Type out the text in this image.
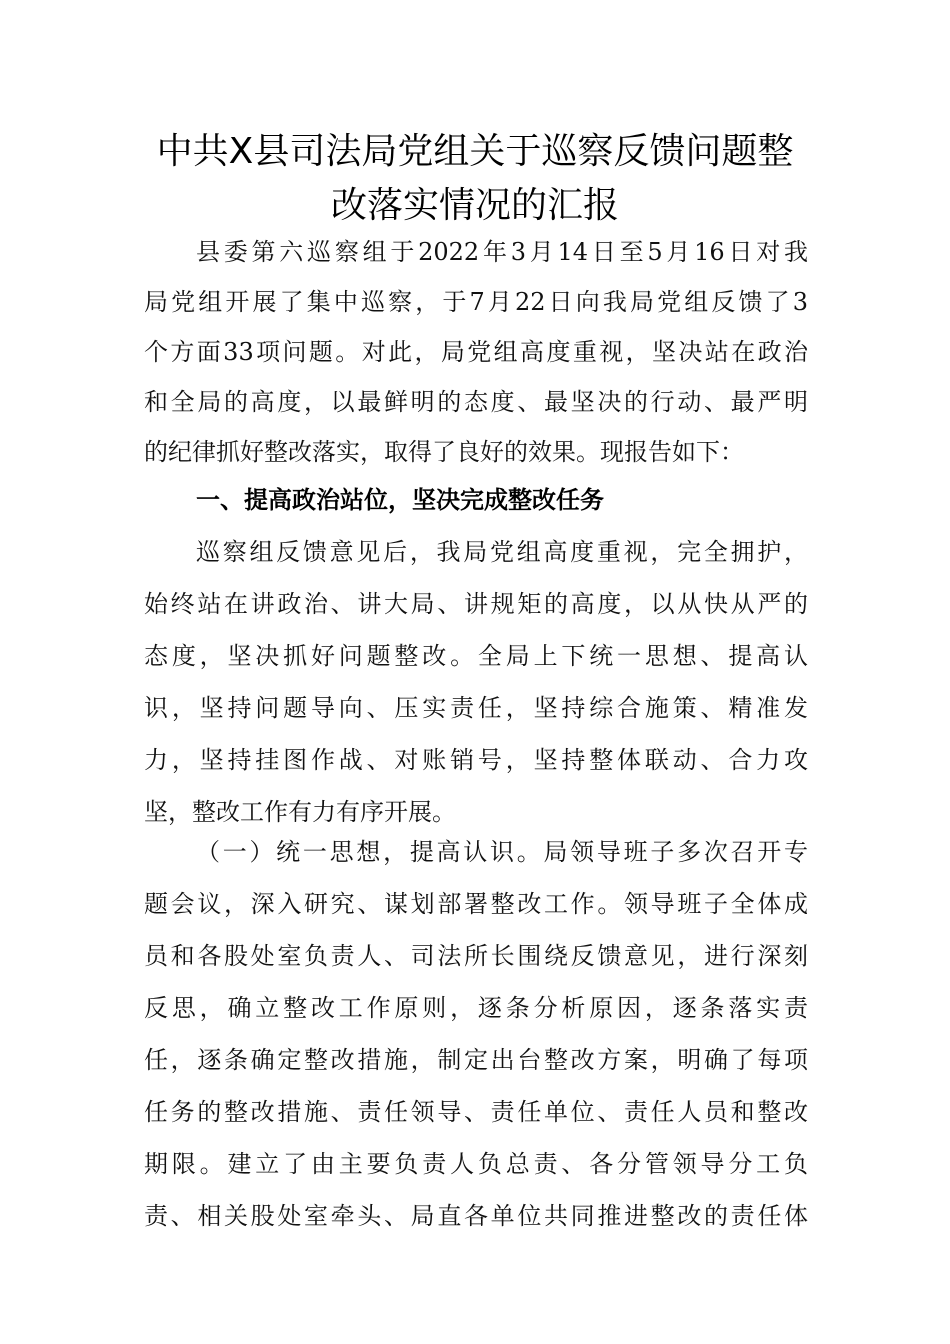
中共X县司法局党组关于巡察反馈问题整
改落实情况的汇报
县委第六巡察组于2022年3月14日至5月16日对我
局党组开展了集中巡察，于7月22日向我局党组反馈了3
个方面33项问题。对此，局党组高度重视，坚决站在政治
和全局的高度，以最鲜明的态度、最坚决的行动、最严明
的纪律抓好整改落实，取得了良好的效果。现报告如下：
一、提高政治站位，坚决完成整改任务
巡察组反馈意见后，我局党组高度重视，完全拥护，
始终站在讲政治、讲大局、讲规矩的高度，以从快从严的
态度，坚决抓好问题整改。全局上下统一思想、提高认
识，坚持问题导向、压实责任，坚持综合施策、精准发
力，坚持挂图作战、对账销号，坚持整体联动、合力攻
坚，整改工作有力有序开展。
（一）统一思想，提高认识。局领导班子多次召开专
题会议，深入研究、谋划部署整改工作。领导班子全体成
员和各股处室负责人、司法所长围绕反馈意见，进行深刻
反思，确立整改工作原则，逐条分析原因，逐条落实责
任，逐条确定整改措施，制定出台整改方案，明确了每项
任务的整改措施、责任领导、责任单位、责任人员和整改
期限。建立了由主要负责人负总责、各分管领导分工负
责、相关股处室牵头、局直各单位共同推进整改的责任体
